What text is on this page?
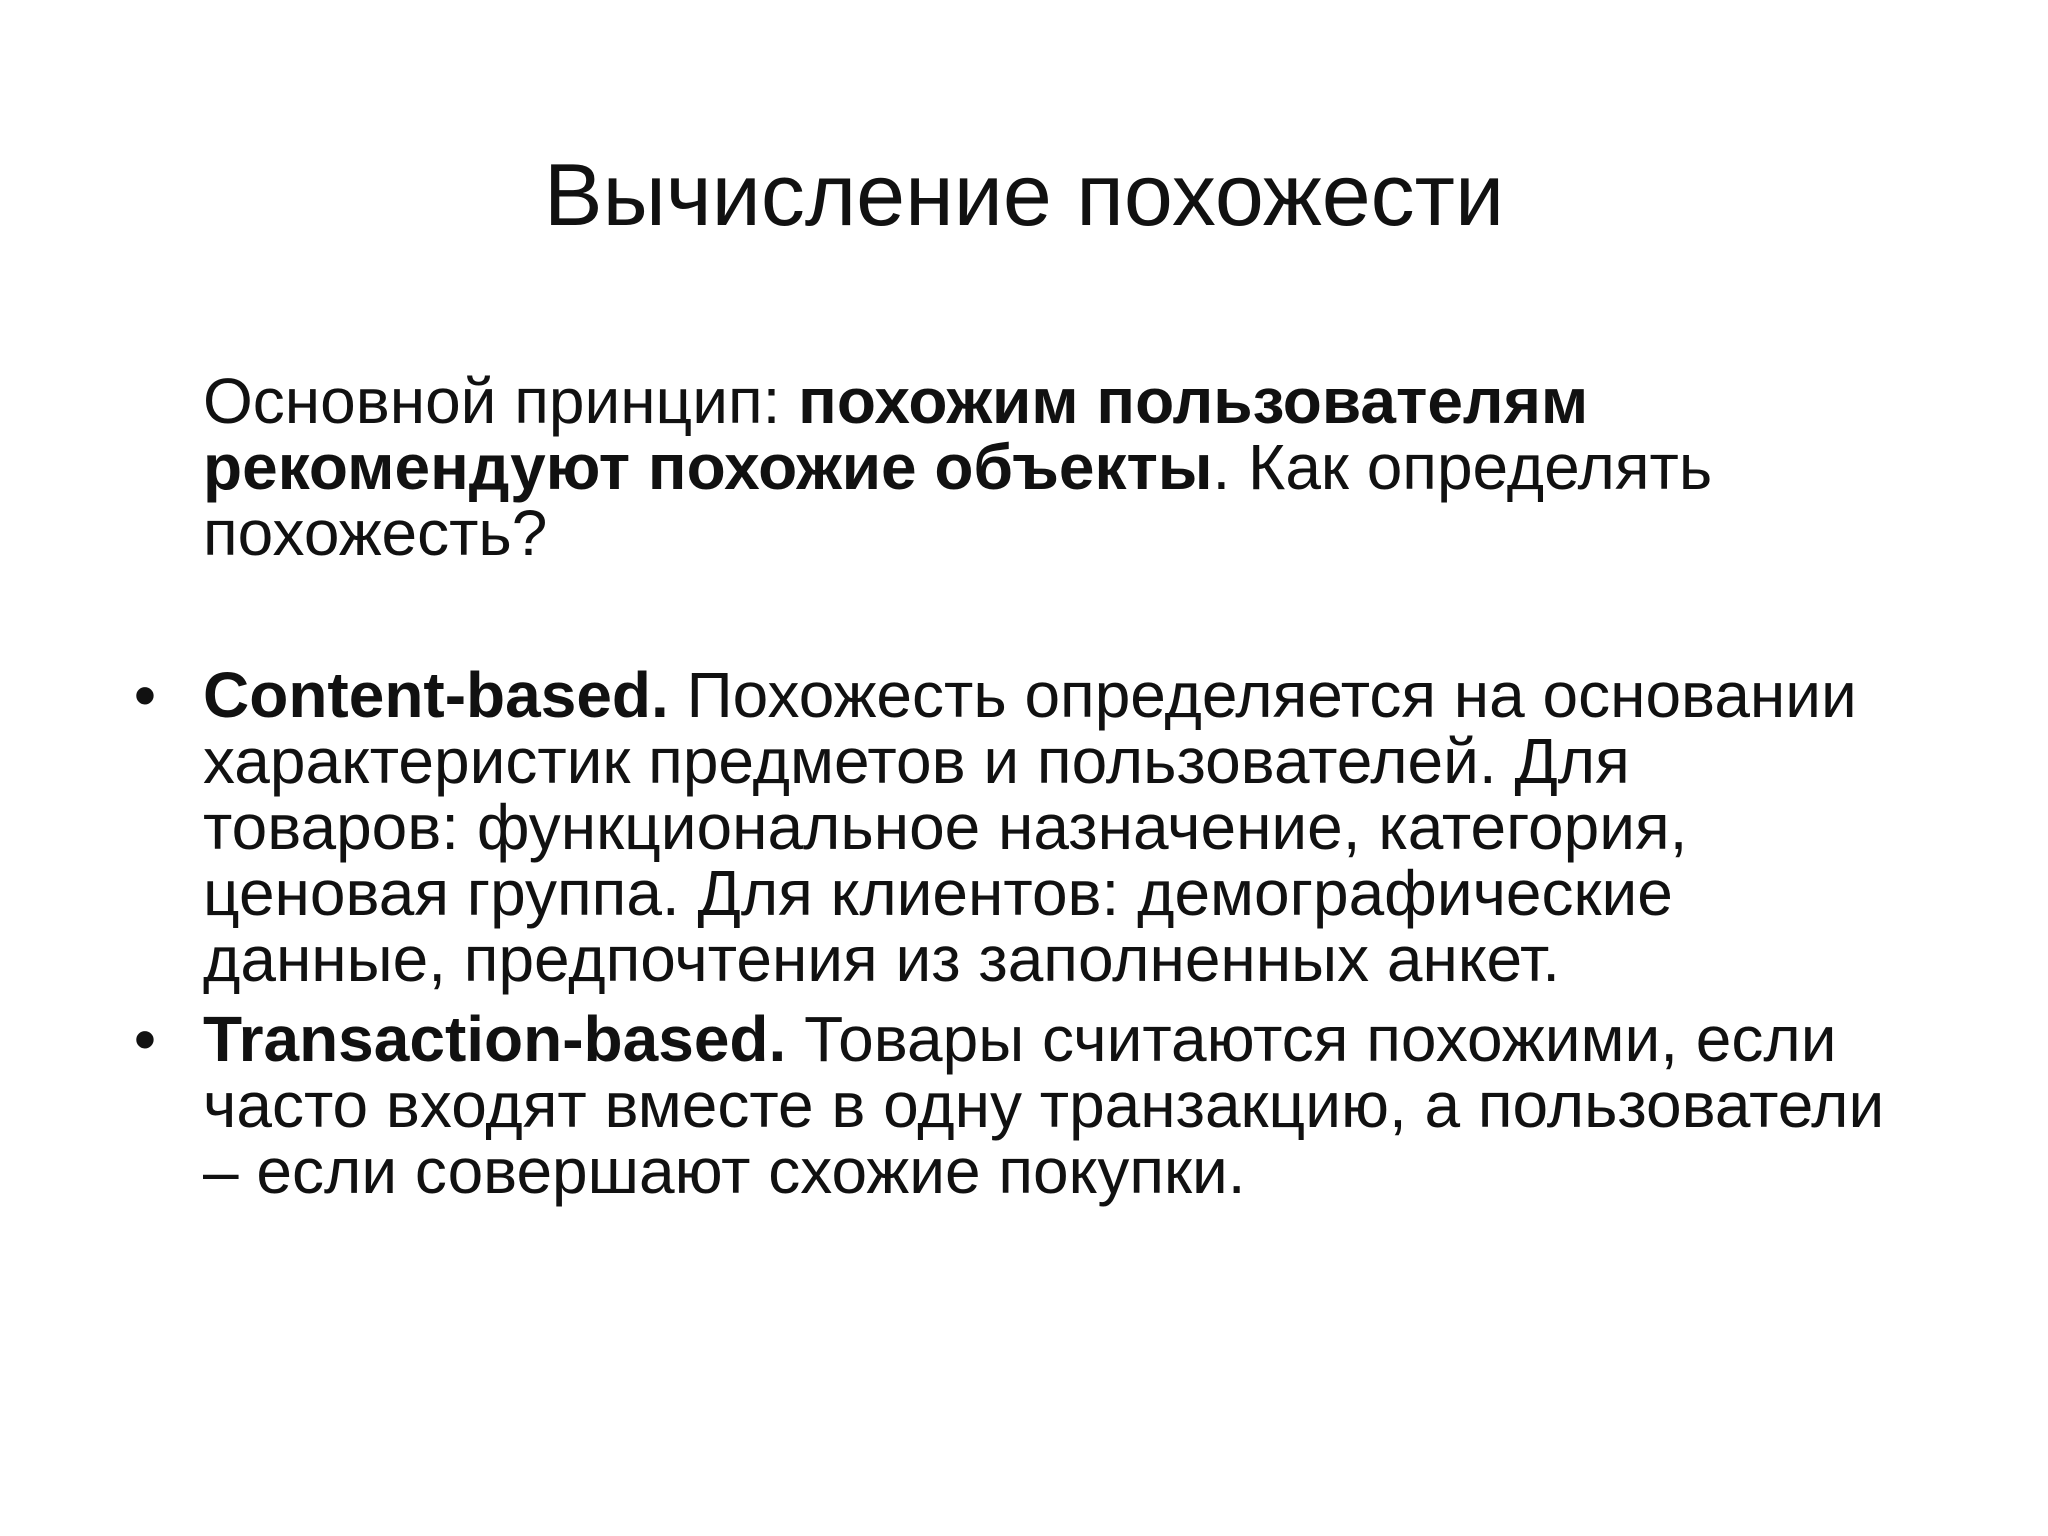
Вычисление похожести

Основной принцип: похожим пользователям рекомендуют похожие объекты. Как определять похожесть?

• Content-based. Похожесть определяется на основании характеристик предметов и пользователей. Для товаров: функциональное назначение, категория, ценовая группа. Для клиентов: демографические данные, предпочтения из заполненных анкет.
• Transaction-based. Товары считаются похожими, если часто входят вместе в одну транзакцию, а пользователи – если совершают схожие покупки.
